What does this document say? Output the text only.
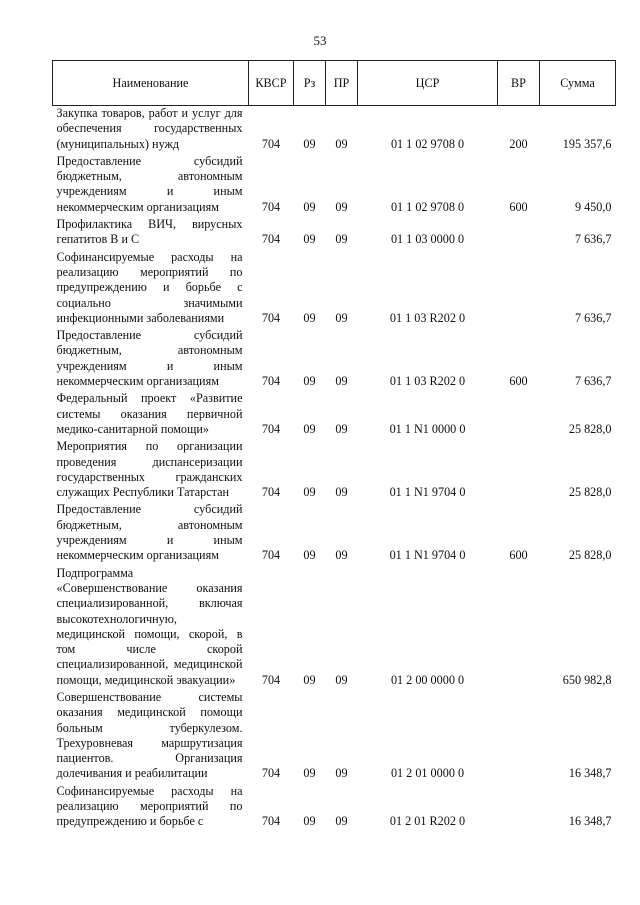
53
Наименование	КВСР	Рз	ПР	ЦСР	ВР	Сумма
Закупка товаров, работ и услуг для обеспечения государственных (муниципальных) нужд	704	09	09	01 1 02 9708 0	200	195 357,6
Предоставление субсидий бюджетным, автономным учреждениям и иным некоммерческим организациям	704	09	09	01 1 02 9708 0	600	9 450,0
Профилактика ВИЧ, вирусных гепатитов В и С	704	09	09	01 1 03 0000 0		7 636,7
Софинансируемые расходы на реализацию мероприятий по предупреждению и борьбе с социально значимыми инфекционными заболеваниями	704	09	09	01 1 03 R202 0		7 636,7
Предоставление субсидий бюджетным, автономным учреждениям и иным некоммерческим организациям	704	09	09	01 1 03 R202 0	600	7 636,7
Федеральный проект «Развитие системы оказания первичной медико-санитарной помощи»	704	09	09	01 1 N1 0000 0		25 828,0
Мероприятия по организации проведения диспансеризации государственных гражданских служащих Республики Татарстан	704	09	09	01 1 N1 9704 0		25 828,0
Предоставление субсидий бюджетным, автономным учреждениям и иным некоммерческим организациям	704	09	09	01 1 N1 9704 0	600	25 828,0
Подпрограмма «Совершенствование оказания специализированной, включая высокотехнологичную, медицинской помощи, скорой, в том числе скорой специализированной, медицинской помощи, медицинской эвакуации»	704	09	09	01 2 00 0000 0		650 982,8
Совершенствование системы оказания медицинской помощи больным туберкулезом. Трехуровневая маршрутизация пациентов. Организация долечивания и реабилитации	704	09	09	01 2 01 0000 0		16 348,7
Софинансируемые расходы на реализацию мероприятий по предупреждению и борьбе с	704	09	09	01 2 01 R202 0		16 348,7
